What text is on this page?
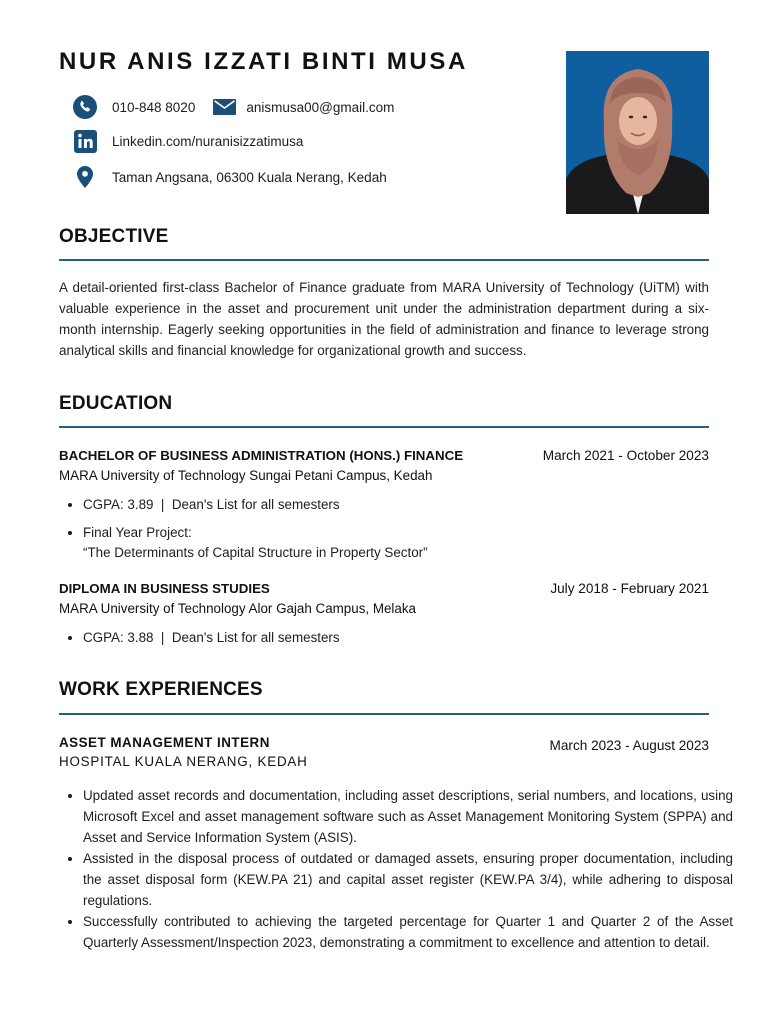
NUR ANIS IZZATI BINTI MUSA
010-848 8020	anismusa00@gmail.com
Linkedin.com/nuranisizzatimusa
Taman Angsana, 06300 Kuala Nerang, Kedah
OBJECTIVE
A detail-oriented first-class Bachelor of Finance graduate from MARA University of Technology (UiTM) with valuable experience in the asset and procurement unit under the administration department during a six-month internship. Eagerly seeking opportunities in the field of administration and finance to leverage strong analytical skills and financial knowledge for organizational growth and success.
EDUCATION
BACHELOR OF BUSINESS ADMINISTRATION (HONS.) FINANCE	March 2021 - October 2023
MARA University of Technology Sungai Petani Campus, Kedah
• CGPA: 3.89  |  Dean's List for all semesters
• Final Year Project:
“The Determinants of Capital Structure in Property Sector”
DIPLOMA IN BUSINESS STUDIES	July 2018 - February 2021
MARA University of Technology Alor Gajah Campus, Melaka
• CGPA: 3.88  |  Dean's List for all semesters
WORK EXPERIENCES
ASSET MANAGEMENT INTERN	March 2023 - August 2023
HOSPITAL KUALA NERANG, KEDAH
• Updated asset records and documentation, including asset descriptions, serial numbers, and locations, using Microsoft Excel and asset management software such as Asset Management Monitoring System (SPPA) and Asset and Service Information System (ASIS).
• Assisted in the disposal process of outdated or damaged assets, ensuring proper documentation, including the asset disposal form (KEW.PA 21) and capital asset register (KEW.PA 3/4), while adhering to disposal regulations.
• Successfully contributed to achieving the targeted percentage for Quarter 1 and Quarter 2 of the Asset Quarterly Assessment/Inspection 2023, demonstrating a commitment to excellence and attention to detail.
